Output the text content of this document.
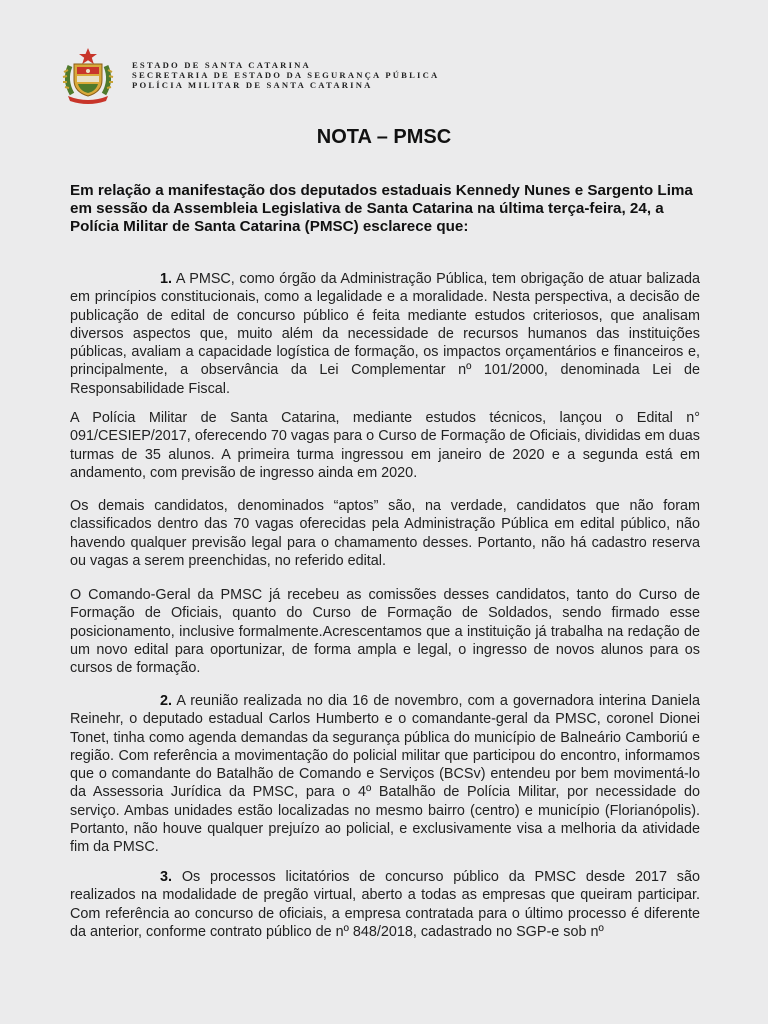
ESTADO DE SANTA CATARINA
SECRETARIA DE ESTADO DA SEGURANÇA PÚBLICA
POLÍCIA MILITAR DE SANTA CATARINA
NOTA – PMSC
Em relação a manifestação dos deputados estaduais Kennedy Nunes e Sargento Lima em sessão da Assembleia Legislativa de Santa Catarina na última terça-feira, 24, a Polícia Militar de Santa Catarina (PMSC) esclarece que:
1. A PMSC, como órgão da Administração Pública, tem obrigação de atuar balizada em princípios constitucionais, como a legalidade e a moralidade. Nesta perspectiva, a decisão de publicação de edital de concurso público é feita mediante estudos criteriosos, que analisam diversos aspectos que, muito além da necessidade de recursos humanos das instituições públicas, avaliam a capacidade logística de formação, os impactos orçamentários e financeiros e, principalmente, a observância da Lei Complementar nº 101/2000, denominada Lei de Responsabilidade Fiscal.
A Polícia Militar de Santa Catarina, mediante estudos técnicos, lançou o Edital n° 091/CESIEP/2017, oferecendo 70 vagas para o Curso de Formação de Oficiais, divididas em duas turmas de 35 alunos. A primeira turma ingressou em janeiro de 2020 e a segunda está em andamento, com previsão de ingresso ainda em 2020.
Os demais candidatos, denominados “aptos” são, na verdade, candidatos que não foram classificados dentro das 70 vagas oferecidas pela Administração Pública em edital público, não havendo qualquer previsão legal para o chamamento desses. Portanto, não há cadastro reserva ou vagas a serem preenchidas, no referido edital.
O Comando-Geral da PMSC já recebeu as comissões desses candidatos, tanto do Curso de Formação de Oficiais, quanto do Curso de Formação de Soldados, sendo firmado esse posicionamento, inclusive formalmente.Acrescentamos que a instituição já trabalha na redação de um novo edital para oportunizar, de forma ampla e legal, o ingresso de novos alunos para os cursos de formação.
2. A reunião realizada no dia 16 de novembro, com a governadora interina Daniela Reinehr, o deputado estadual Carlos Humberto e o comandante-geral da PMSC, coronel Dionei Tonet, tinha como agenda demandas da segurança pública do município de Balneário Camboriú e região. Com referência a movimentação do policial militar que participou do encontro, informamos que o comandante do Batalhão de Comando e Serviços (BCSv) entendeu por bem movimentá-lo da Assessoria Jurídica da PMSC, para o 4º Batalhão de Polícia Militar, por necessidade do serviço. Ambas unidades estão localizadas no mesmo bairro (centro) e município (Florianópolis). Portanto, não houve qualquer prejuízo ao policial, e exclusivamente visa a melhoria da atividade fim da PMSC.
3. Os processos licitatórios de concurso público da PMSC desde 2017 são realizados na modalidade de pregão virtual, aberto a todas as empresas que queiram participar. Com referência ao concurso de oficiais, a empresa contratada para o último processo é diferente da anterior, conforme contrato público de nº 848/2018, cadastrado no SGP-e sob nº
